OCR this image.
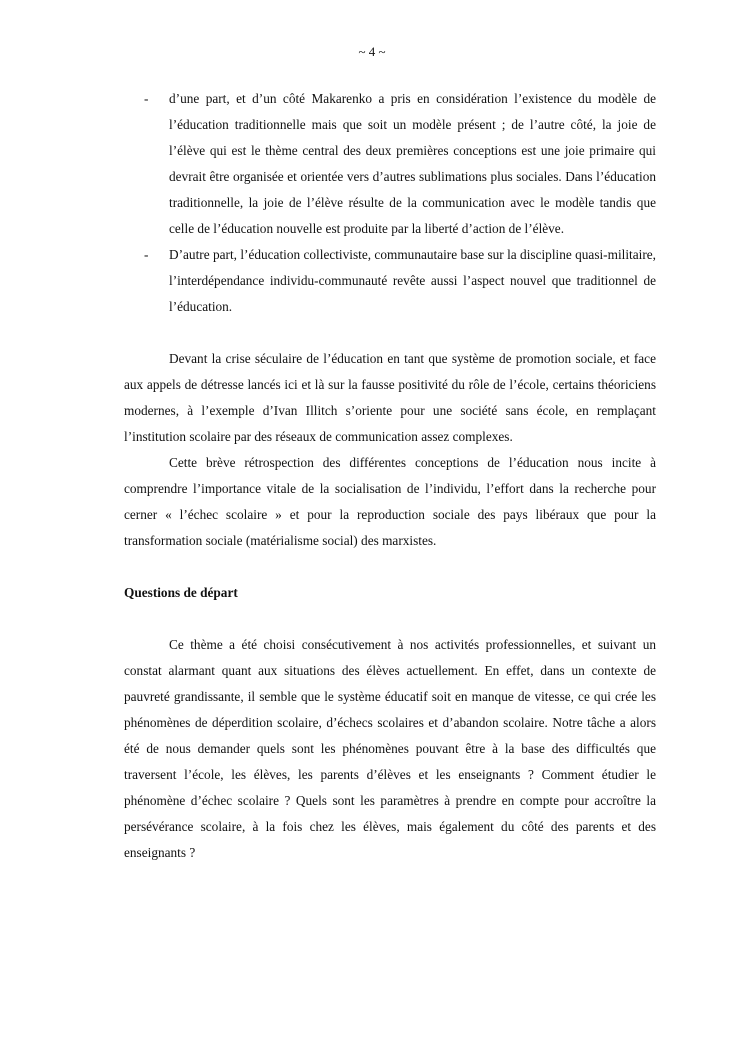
~ 4 ~
- d’une part, et d’un côté Makarenko a pris en considération l’existence du modèle de l’éducation traditionnelle mais que soit un modèle présent ; de l’autre côté, la joie de l’élève qui est le thème central des deux premières conceptions est une joie primaire qui devrait être organisée et orientée vers d’autres sublimations plus sociales. Dans l’éducation traditionnelle, la joie de l’élève résulte de la communication avec le modèle tandis que celle de l’éducation nouvelle est produite par la liberté d’action de l’élève.
- D’autre part, l’éducation collectiviste, communautaire base sur la discipline quasi-militaire, l’interdépendance individu-communauté revête aussi l’aspect nouvel que traditionnel de l’éducation.

Devant la crise séculaire de l’éducation en tant que système de promotion sociale, et face aux appels de détresse lancés ici et là sur la fausse positivité du rôle de l’école, certains théoriciens modernes, à l’exemple d’Ivan Illitch s’oriente pour une société sans école, en remplaçant l’institution scolaire par des réseaux de communication assez complexes.

Cette brève rétrospection des différentes conceptions de l’éducation nous incite à comprendre l’importance vitale de la socialisation de l’individu, l’effort dans la recherche pour cerner « l’échec scolaire » et pour la reproduction sociale des pays libéraux que pour la transformation sociale (matérialisme social) des marxistes.

Questions de départ

Ce thème a été choisi consécutivement à nos activités professionnelles, et suivant un constat alarmant quant aux situations des élèves actuellement. En effet, dans un contexte de pauvreté grandissante, il semble que le système éducatif soit en manque de vitesse, ce qui crée les phénomènes de déperdition scolaire, d’échecs scolaires et d’abandon scolaire. Notre tâche a alors été de nous demander quels sont les phénomènes pouvant être à la base des difficultés que traversent l’école, les élèves, les parents d’élèves et les enseignants ? Comment étudier le phénomène d’échec scolaire ? Quels sont les paramètres à prendre en compte pour accroître la persévérance scolaire, à la fois chez les élèves, mais également du côté des parents et des enseignants ?
